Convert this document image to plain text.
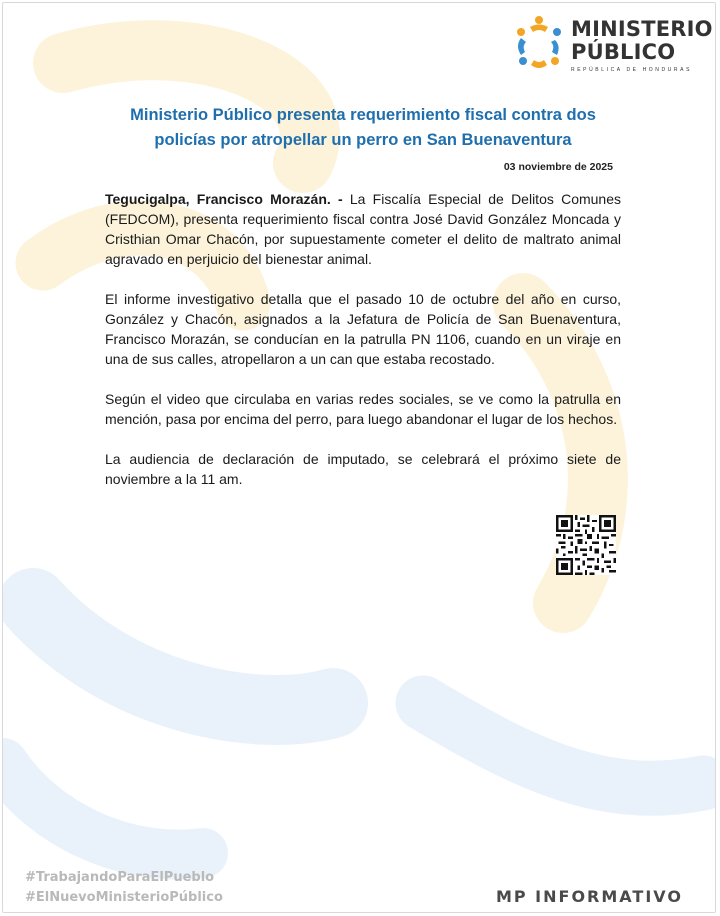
MINISTERIO
PÚBLICO
REPÚBLICA DE HONDURAS
Ministerio Público presenta requerimiento fiscal contra dos policías por atropellar un perro en San Buenaventura
03 noviembre de 2025

Tegucigalpa, Francisco Morazán. - La Fiscalía Especial de Delitos Comunes (FEDCOM), presenta requerimiento fiscal contra José David González Moncada y Cristhian Omar Chacón, por supuestamente cometer el delito de maltrato animal agravado en perjuicio del bienestar animal.

El informe investigativo detalla que el pasado 10 de octubre del año en curso, González y Chacón, asignados a la Jefatura de Policía de San Buenaventura, Francisco Morazán, se conducían en la patrulla PN 1106, cuando en un viraje en una de sus calles, atropellaron a un can que estaba recostado.

Según el video que circulaba en varias redes sociales, se ve como la patrulla en mención, pasa por encima del perro, para luego abandonar el lugar de los hechos.

La audiencia de declaración de imputado, se celebrará el próximo siete de noviembre a la 11 am.

#TrabajandoParaElPueblo
#ElNuevoMinisterioPúblico	MP INFORMATIVO
